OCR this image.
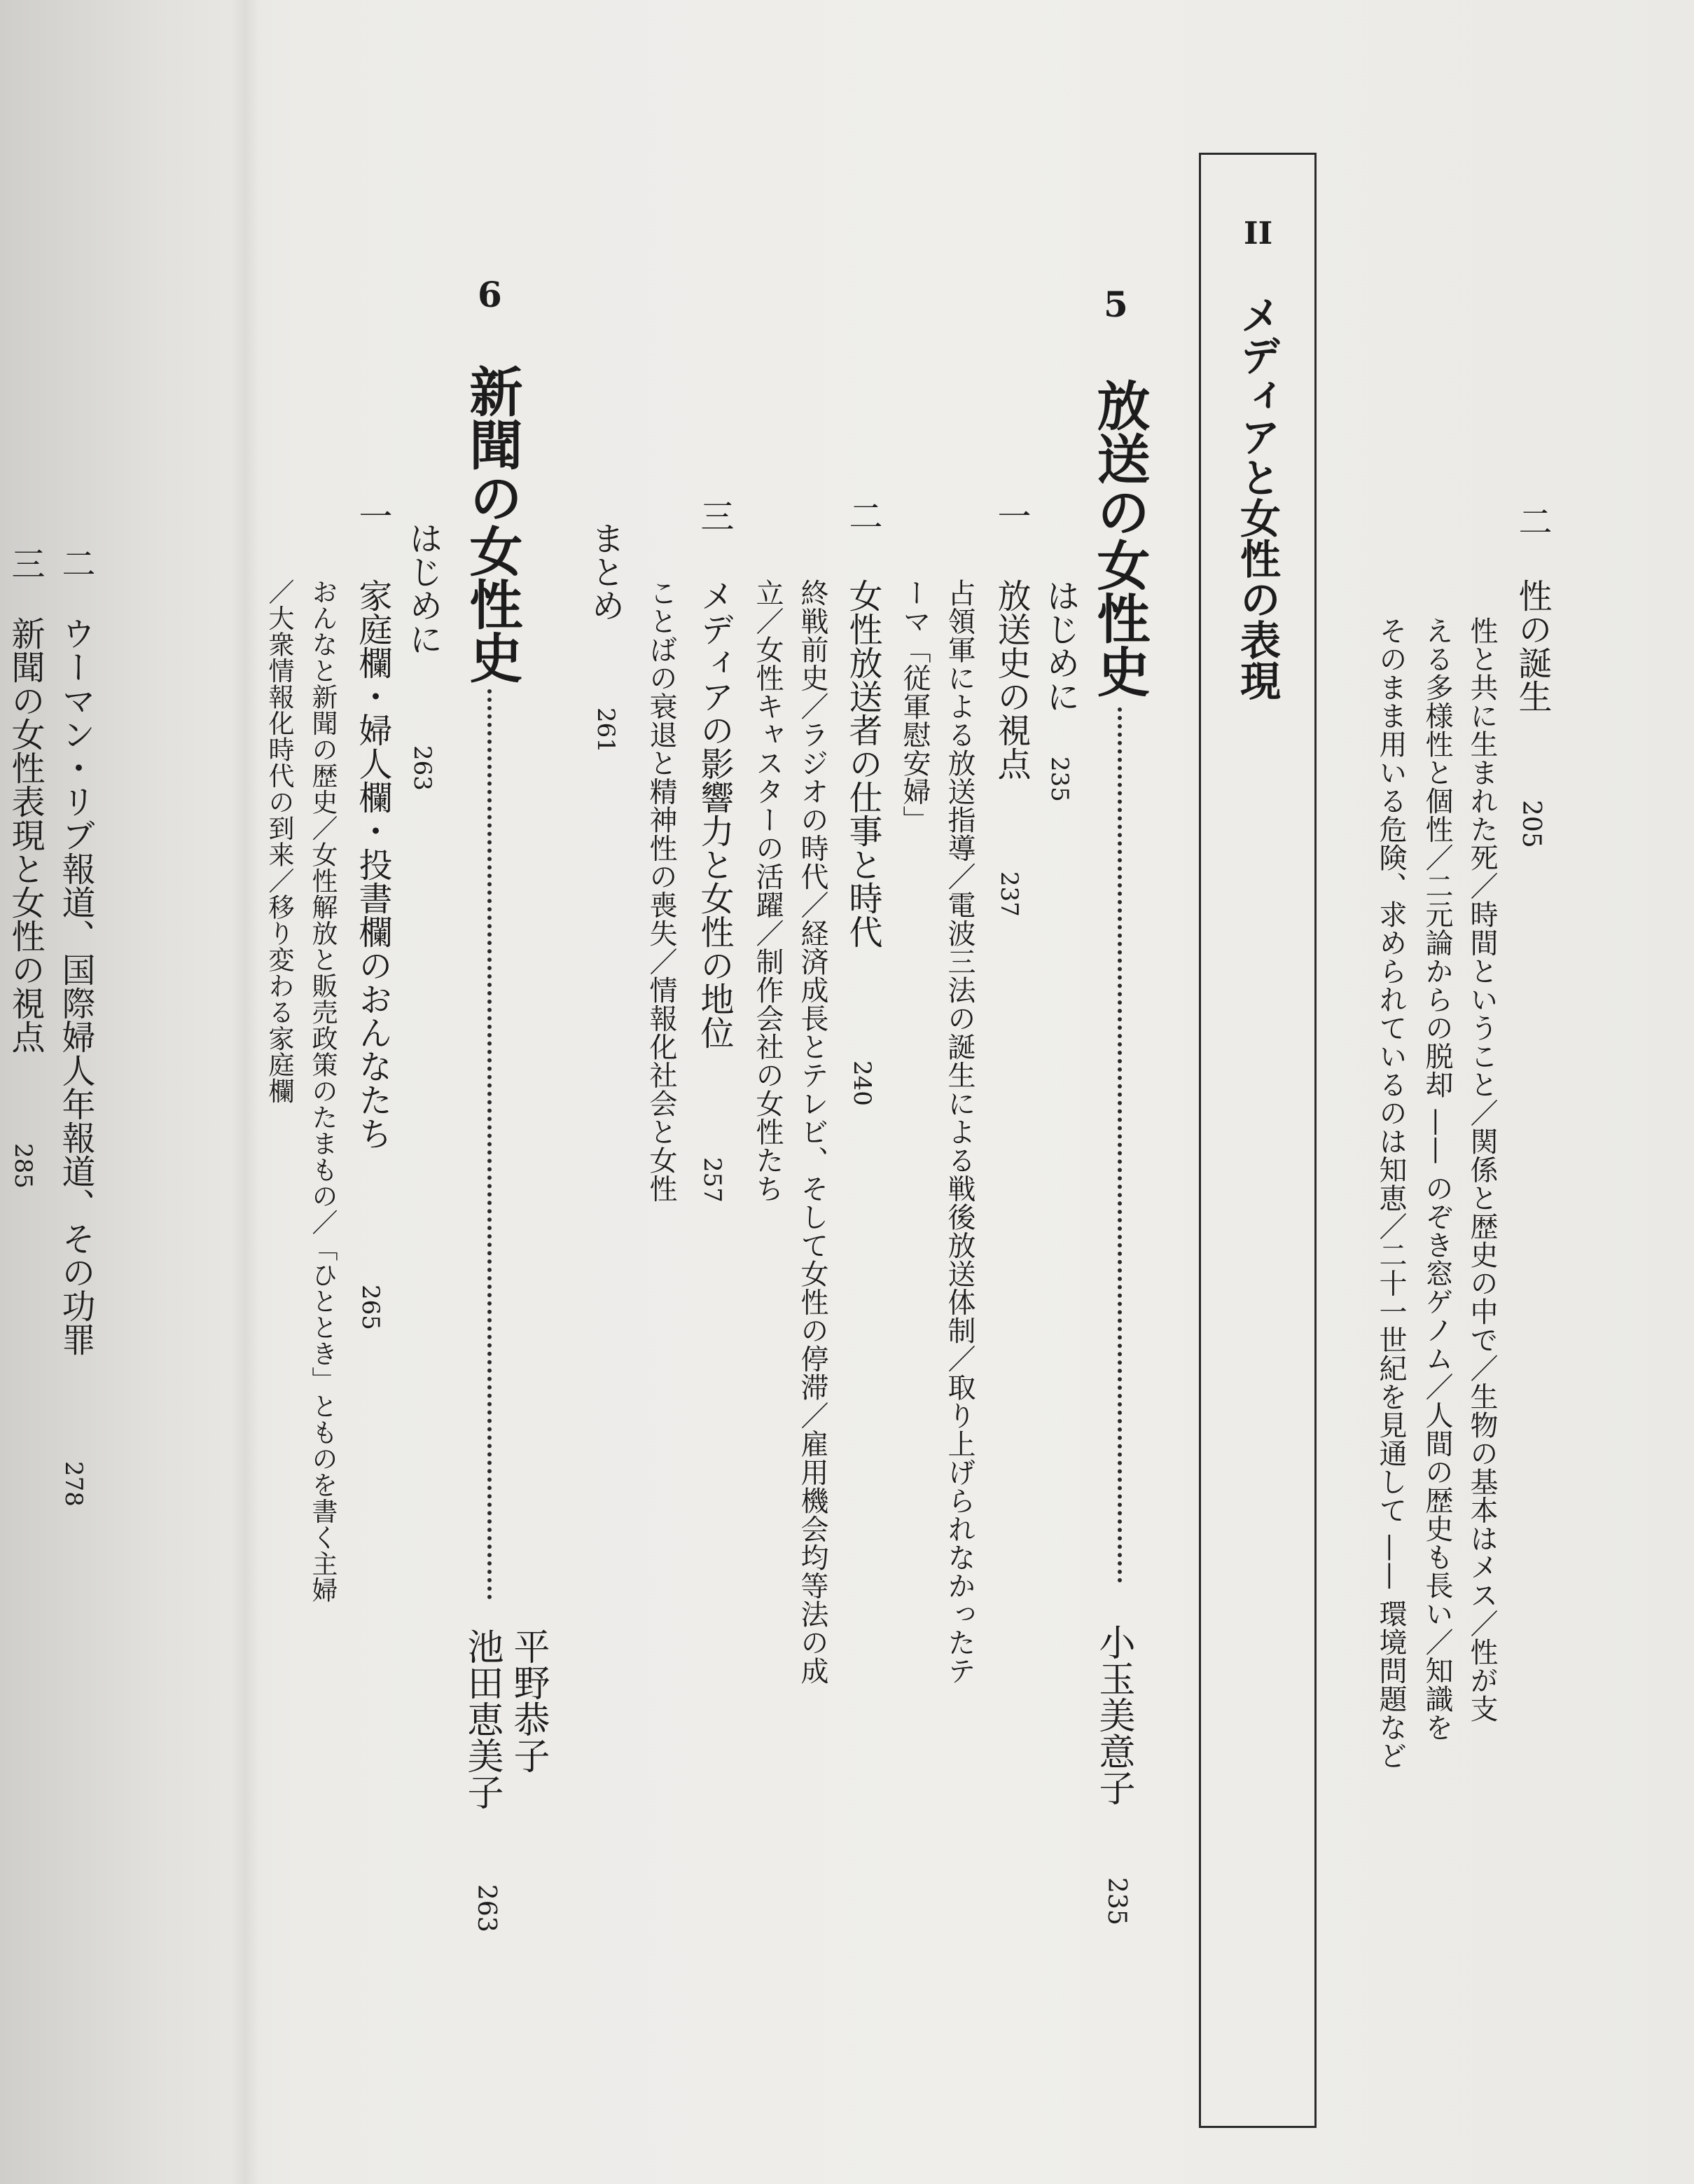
二
性の誕生
205
性と共に生まれた死／時間ということ／関係と歴史の中で／生物の基本はメス／性が支
える多様性と個性／二元論からの脱却 —— のぞき窓ゲノム／人間の歴史も長い／知識を
そのまま用いる危険、求められているのは知恵／二十一世紀を見通して —— 環境問題など
II
メディアと女性の表現
5
放送の女性史
小玉美意子
235
はじめに
235
一
放送史の視点
237
占領軍による放送指導／電波三法の誕生による戦後放送体制／取り上げられなかったテ
ーマ「従軍慰安婦」
二
女性放送者の仕事と時代
240
終戦前史／ラジオの時代／経済成長とテレビ、そして女性の停滞／雇用機会均等法の成
立／女性キャスターの活躍／制作会社の女性たち
三
メディアの影響力と女性の地位
257
ことばの衰退と精神性の喪失／情報化社会と女性
まとめ
261
6
新聞の女性史
平野恭子
池田恵美子
263
はじめに
263
一
家庭欄・婦人欄・投書欄のおんなたち
265
おんなと新聞の歴史／女性解放と販売政策のたまもの／「ひととき」とものを書く主婦
／大衆情報化時代の到来／移り変わる家庭欄
二
ウーマン・リブ報道、国際婦人年報道、その功罪
278
三
新聞の女性表現と女性の視点
285
